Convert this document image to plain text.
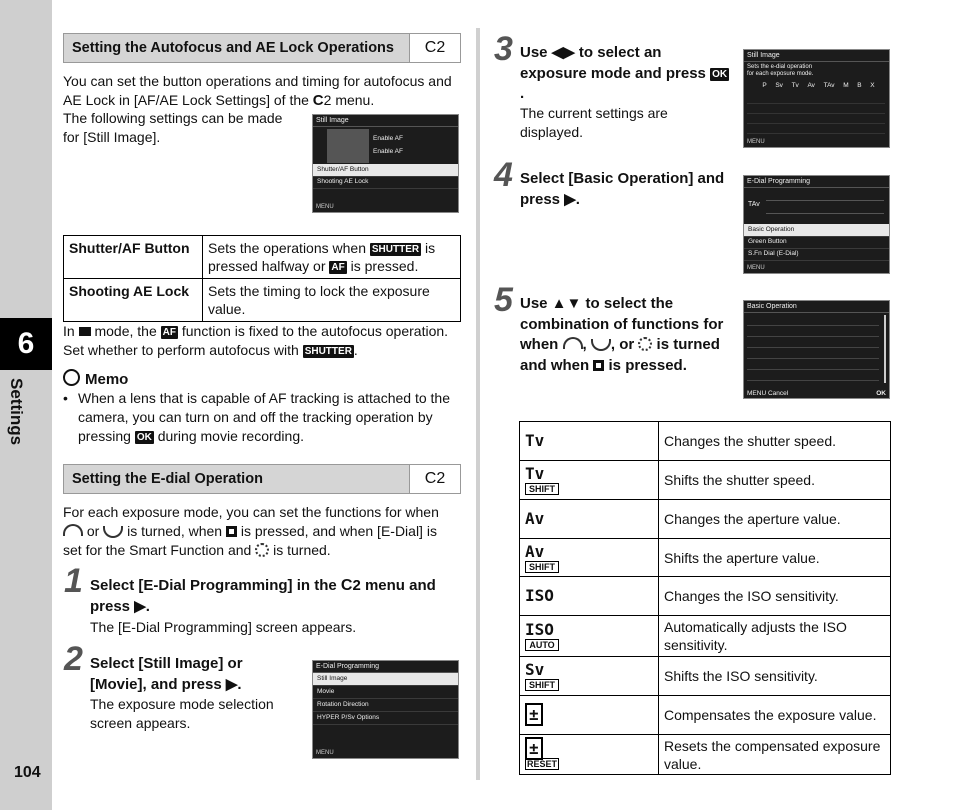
6
Settings
104
Setting the Autofocus and AE Lock Operations	C2
You can set the button operations and timing for autofocus and AE Lock in [AF/AE Lock Settings] of the C2 menu.
The following settings can be made for [Still Image].
Still Image
Enable AF
Enable AF
Shutter/AF Button
Shooting AE Lock
MENU
Shutter/AF Button	Sets the operations when SHUTTER is pressed halfway or AF is pressed.
Shooting AE Lock	Sets the timing to lock the exposure value.
In  mode, the AF function is fixed to the autofocus operation. Set whether to perform autofocus with SHUTTER .
Memo
• When a lens that is capable of AF tracking is attached to the camera, you can turn on and off the tracking operation by pressing OK during movie recording.
Setting the E-dial Operation	C2
For each exposure mode, you can set the functions for when  or  is turned, when  is pressed, and when [E-Dial] is set for the Smart Function and  is turned.
1 Select [E-Dial Programming] in the C2 menu and press ▶.
The [E-Dial Programming] screen appears.
2 Select [Still Image] or [Movie], and press ▶.
The exposure mode selection screen appears.
E-Dial Programming
Still Image
Movie
Rotation Direction
HYPER P/Sv Options
MENU
3 Use ◀▶ to select an exposure mode and press OK.
The current settings are displayed.
Still Image
Sets the e-dial operation
for each exposure mode.
P Sv Tv Av TAv M B X
MENU
4 Select [Basic Operation] and press ▶.
E-Dial Programming
TAv
Basic Operation
Green Button
S.Fn Dial (E-Dial)
MENU
5 Use ▲▼ to select the combination of functions for when , , or  is turned and when  is pressed.
Basic Operation
MENU Cancel	OK
Tv	Changes the shutter speed.
Tv
SHIFT	Shifts the shutter speed.
Av	Changes the aperture value.
Av
SHIFT	Shifts the aperture value.
ISO	Changes the ISO sensitivity.
ISO
AUTO	Automatically adjusts the ISO sensitivity.
Sv
SHIFT	Shifts the ISO sensitivity.
±	Compensates the exposure value.
±
RESET	Resets the compensated exposure value.
